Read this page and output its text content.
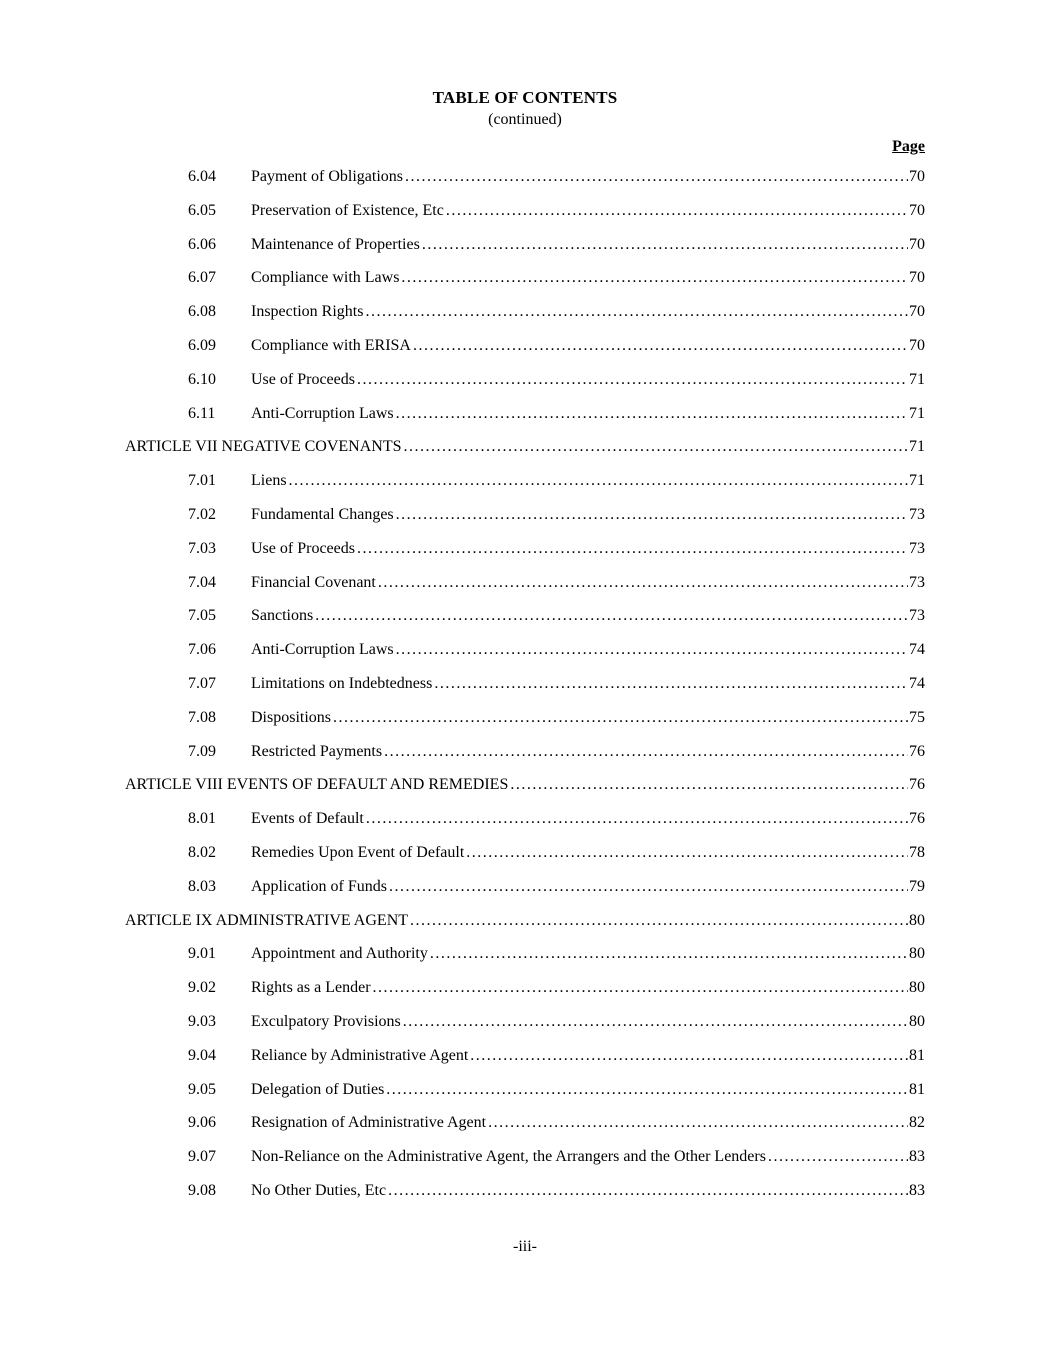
TABLE OF CONTENTS
(continued)
Page
6.04	Payment of Obligations .....	70
6.05	Preservation of Existence, Etc .....	70
6.06	Maintenance of Properties .....	70
6.07	Compliance with Laws .....	70
6.08	Inspection Rights .....	70
6.09	Compliance with ERISA .....	70
6.10	Use of Proceeds .....	71
6.11	Anti-Corruption Laws .....	71
ARTICLE VII NEGATIVE COVENANTS .....	71
7.01	Liens .....	71
7.02	Fundamental Changes .....	73
7.03	Use of Proceeds .....	73
7.04	Financial Covenant .....	73
7.05	Sanctions .....	73
7.06	Anti-Corruption Laws .....	74
7.07	Limitations on Indebtedness .....	74
7.08	Dispositions .....	75
7.09	Restricted Payments .....	76
ARTICLE VIII EVENTS OF DEFAULT AND REMEDIES .....	76
8.01	Events of Default .....	76
8.02	Remedies Upon Event of Default .....	78
8.03	Application of Funds .....	79
ARTICLE IX ADMINISTRATIVE AGENT .....	80
9.01	Appointment and Authority .....	80
9.02	Rights as a Lender .....	80
9.03	Exculpatory Provisions .....	80
9.04	Reliance by Administrative Agent .....	81
9.05	Delegation of Duties .....	81
9.06	Resignation of Administrative Agent .....	82
9.07	Non-Reliance on the Administrative Agent, the Arrangers and the Other Lenders .....	83
9.08	No Other Duties, Etc .....	83
-iii-
